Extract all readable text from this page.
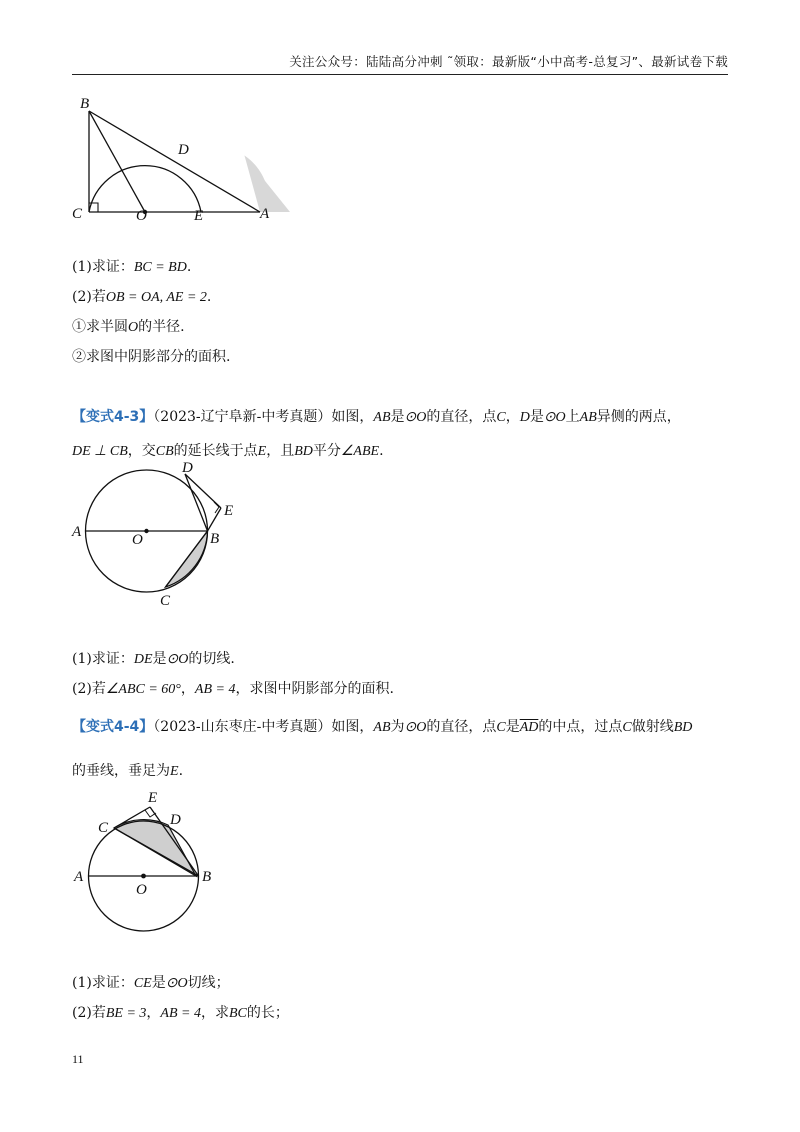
关注公众号：陆陆高分冲刺 ˜领取：最新版“小中高考-总复习”、最新试卷下载
B
D
C	O	E	A
(1)求证：BC = BD.
(2)若OB = OA, AE = 2.
①求半圆O的半径.
②求图中阴影部分的面积.
【变式4-3】（2023-辽宁阜新-中考真题）如图，AB是⊙O的直径，点C，D是⊙O上AB异侧的两点，
DE ⊥ CB，交CB的延长线于点E，且BD平分∠ABE.
D
E
A	O	B
C
(1)求证：DE是⊙O的切线.
(2)若∠ABC = 60°，AB = 4，求图中阴影部分的面积.
【变式4-4】（2023-山东枣庄-中考真题）如图，AB为⊙O的直径，点C是$\overline{AD}$的中点，过点C做射线BD
的垂线，垂足为E.
E
C	D
A
O
B
(1)求证：CE是⊙O切线；
(2)若BE = 3，AB = 4，求BC的长；
11
